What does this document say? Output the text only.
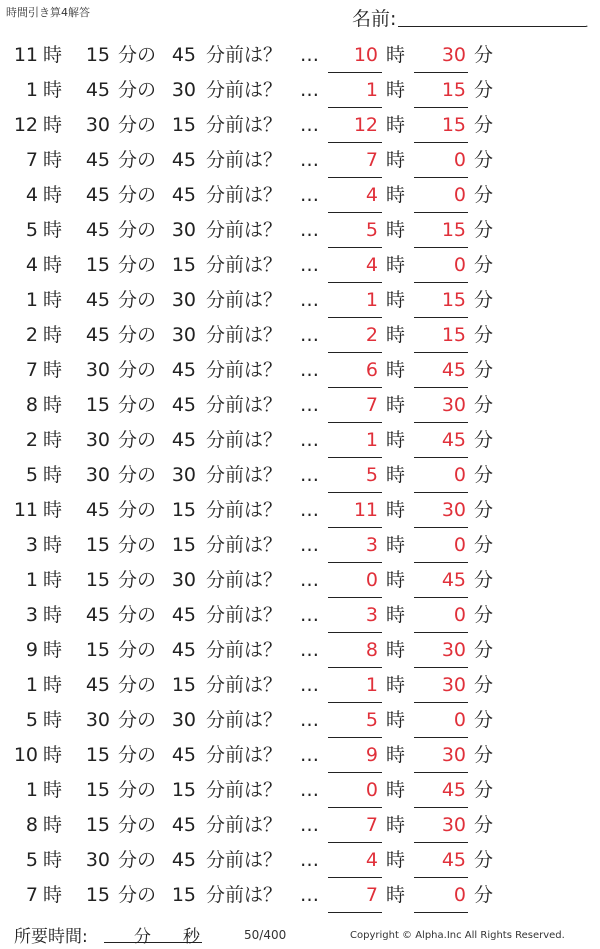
時間引き算4解答	名前:	.
11 時	15 分の 45 分前は？ …	10 時	30 分
1 時	45 分の 30 分前は？ …	1 時	15 分
12 時	30 分の 15 分前は？ …	12 時	15 分
7 時	45 分の 45 分前は？ …	7 時	0 分
4 時	45 分の 45 分前は？ …	4 時	0 分
5 時	45 分の 30 分前は？ …	5 時	15 分
4 時	15 分の 15 分前は？ …	4 時	0 分
1 時	45 分の 30 分前は？ …	1 時	15 分
2 時	45 分の 30 分前は？ …	2 時	15 分
7 時	30 分の 45 分前は？ …	6 時	45 分
8 時	15 分の 45 分前は？ …	7 時	30 分
2 時	30 分の 45 分前は？ …	1 時	45 分
5 時	30 分の 30 分前は？ …	5 時	0 分
11 時	45 分の 15 分前は？ …	11 時	30 分
3 時	15 分の 15 分前は？ …	3 時	0 分
1 時	15 分の 30 分前は？ …	0 時	45 分
3 時	45 分の 45 分前は？ …	3 時	0 分
9 時	15 分の 45 分前は？ …	8 時	30 分
1 時	45 分の 15 分前は？ …	1 時	30 分
5 時	30 分の 30 分前は？ …	5 時	0 分
10 時	15 分の 45 分前は？ …	9 時	30 分
1 時	15 分の 15 分前は？ …	0 時	45 分
8 時	15 分の 45 分前は？ …	7 時	30 分
5 時	30 分の 45 分前は？ …	4 時	45 分
7 時	15 分の 15 分前は？ …	7 時	0 分
所要時間:	分 秒	50/400	Copyright © Alpha.Inc All Rights Reserved.
